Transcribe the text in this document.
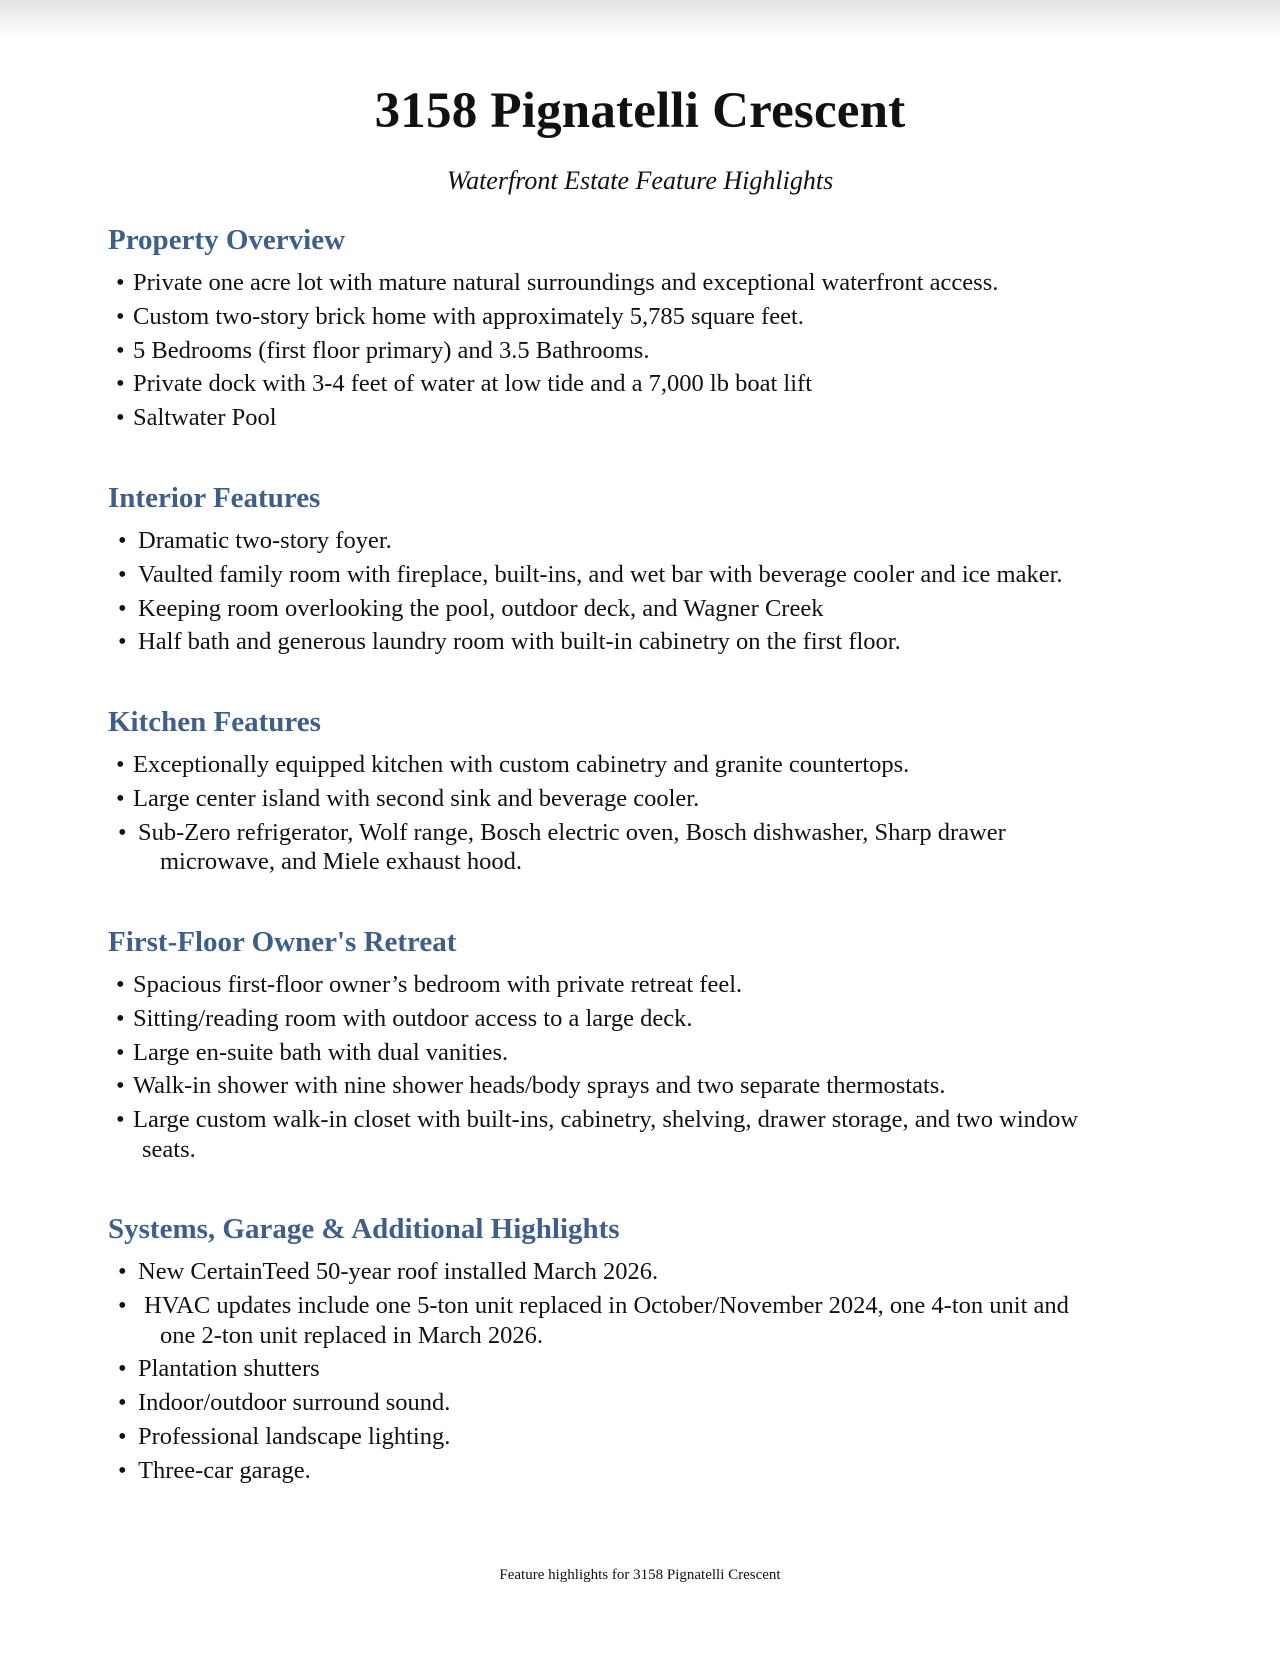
3158 Pignatelli Crescent

Waterfront Estate Feature Highlights

Property Overview
• Private one acre lot with mature natural surroundings and exceptional waterfront access.
• Custom two-story brick home with approximately 5,785 square feet.
• 5 Bedrooms (first floor primary) and 3.5 Bathrooms.
• Private dock with 3-4 feet of water at low tide and a 7,000 lb boat lift
• Saltwater Pool
Interior Features
• Dramatic two-story foyer.
• Vaulted family room with fireplace, built-ins, and wet bar with beverage cooler and ice maker.
• Keeping room overlooking the pool, outdoor deck, and Wagner Creek
• Half bath and generous laundry room with built-in cabinetry on the first floor.
Kitchen Features
• Exceptionally equipped kitchen with custom cabinetry and granite countertops.
• Large center island with second sink and beverage cooler.
• Sub-Zero refrigerator, Wolf range, Bosch electric oven, Bosch dishwasher, Sharp drawer
microwave, and Miele exhaust hood.
First-Floor Owner's Retreat
• Spacious first-floor owner’s bedroom with private retreat feel.
• Sitting/reading room with outdoor access to a large deck.
• Large en-suite bath with dual vanities.
• Walk-in shower with nine shower heads/body sprays and two separate thermostats.
• Large custom walk-in closet with built-ins, cabinetry, shelving, drawer storage, and two window
seats.
Systems, Garage & Additional Highlights
• New CertainTeed 50-year roof installed March 2026.
• HVAC updates include one 5-ton unit replaced in October/November 2024, one 4-ton unit and
one 2-ton unit replaced in March 2026.
• Plantation shutters
• Indoor/outdoor surround sound.
• Professional landscape lighting.
• Three-car garage.
Feature highlights for 3158 Pignatelli Crescent
